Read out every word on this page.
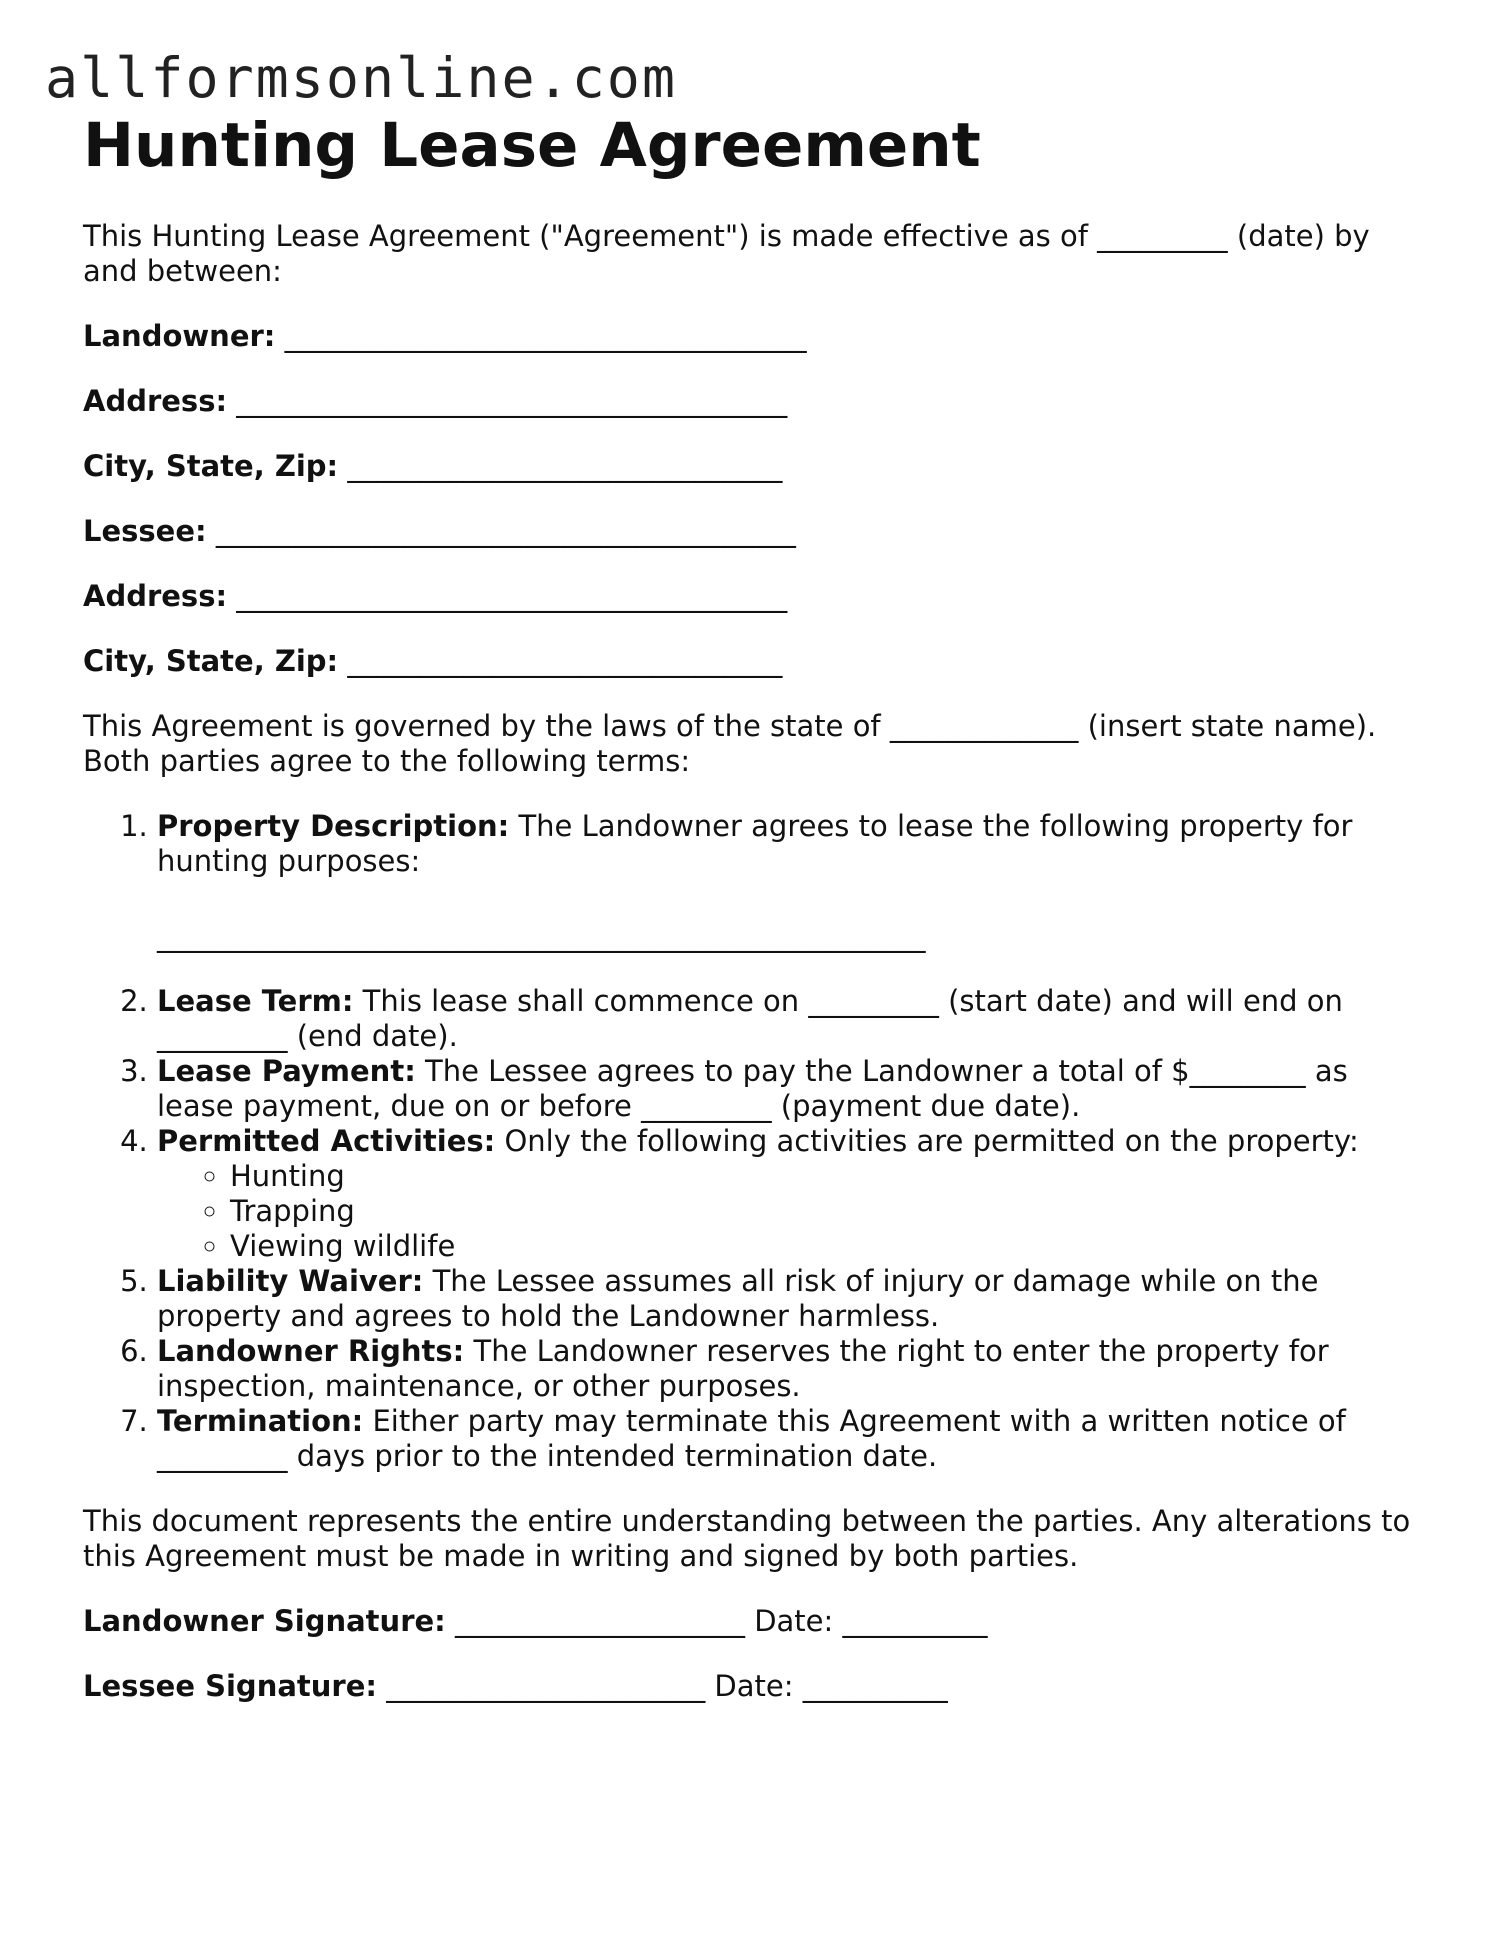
allformsonline.com
Hunting Lease Agreement

This Hunting Lease Agreement ("Agreement") is made effective as of _________ (date) by and between:

Landowner: ____________________________________

Address: ______________________________________

City, State, Zip: ______________________________

Lessee: ________________________________________

Address: ______________________________________

City, State, Zip: ______________________________

This Agreement is governed by the laws of the state of _____________ (insert state name). Both parties agree to the following terms:

1. Property Description: The Landowner agrees to lease the following property for hunting purposes:
_____________________________________________________
2. Lease Term: This lease shall commence on _________ (start date) and will end on _________ (end date).
3. Lease Payment: The Lessee agrees to pay the Landowner a total of $________ as lease payment, due on or before _________ (payment due date).
4. Permitted Activities: Only the following activities are permitted on the property:
◦ Hunting
◦ Trapping
◦ Viewing wildlife
5. Liability Waiver: The Lessee assumes all risk of injury or damage while on the property and agrees to hold the Landowner harmless.
6. Landowner Rights: The Landowner reserves the right to enter the property for inspection, maintenance, or other purposes.
7. Termination: Either party may terminate this Agreement with a written notice of _________ days prior to the intended termination date.

This document represents the entire understanding between the parties. Any alterations to this Agreement must be made in writing and signed by both parties.

Landowner Signature: ____________________ Date: __________

Lessee Signature: ______________________ Date: __________
